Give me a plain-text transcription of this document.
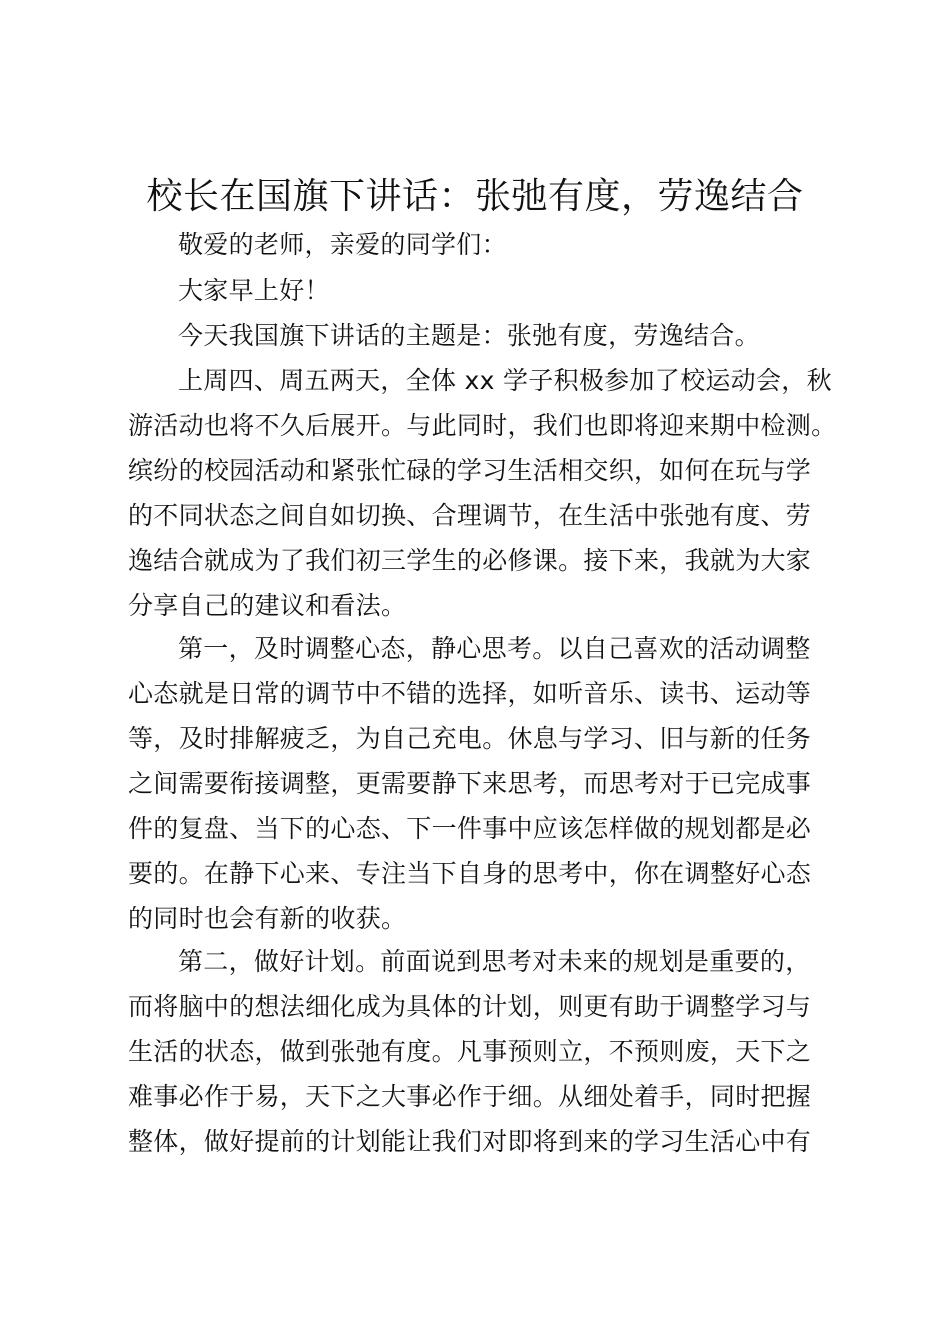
校长在国旗下讲话：张弛有度，劳逸结合
敬爱的老师，亲爱的同学们：
大家早上好！
今天我国旗下讲话的主题是：张弛有度，劳逸结合。
上周四、周五两天，全体 xx 学子积极参加了校运动会，秋
游活动也将不久后展开。与此同时，我们也即将迎来期中检测。
缤纷的校园活动和紧张忙碌的学习生活相交织，如何在玩与学
的不同状态之间自如切换、合理调节，在生活中张弛有度、劳
逸结合就成为了我们初三学生的必修课。接下来，我就为大家
分享自己的建议和看法。
第一，及时调整心态，静心思考。以自己喜欢的活动调整
心态就是日常的调节中不错的选择，如听音乐、读书、运动等
等，及时排解疲乏，为自己充电。休息与学习、旧与新的任务
之间需要衔接调整，更需要静下来思考，而思考对于已完成事
件的复盘、当下的心态、下一件事中应该怎样做的规划都是必
要的。在静下心来、专注当下自身的思考中，你在调整好心态
的同时也会有新的收获。
第二，做好计划。前面说到思考对未来的规划是重要的，
而将脑中的想法细化成为具体的计划，则更有助于调整学习与
生活的状态，做到张弛有度。凡事预则立，不预则废，天下之
难事必作于易，天下之大事必作于细。从细处着手，同时把握
整体，做好提前的计划能让我们对即将到来的学习生活心中有
